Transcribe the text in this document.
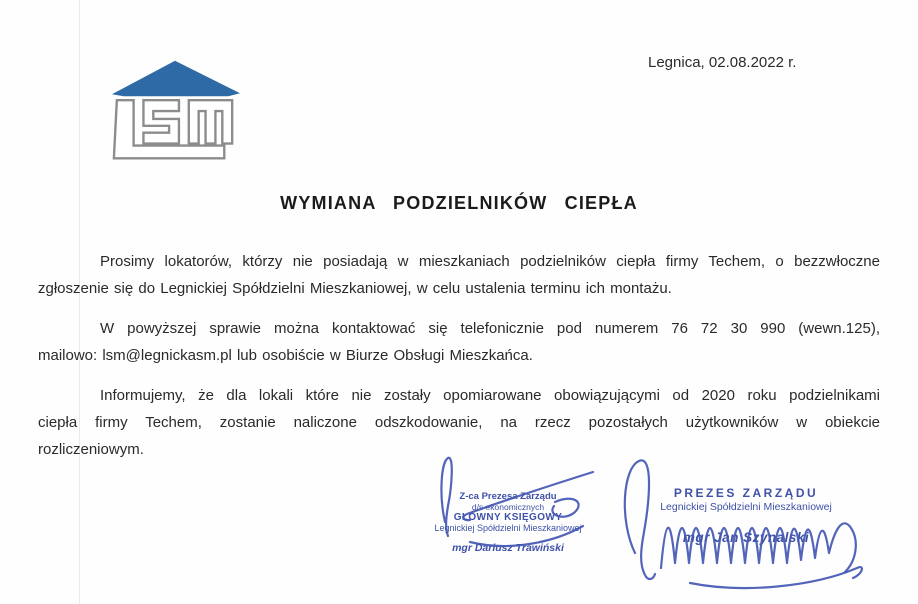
Legnica, 02.08.2022 r.
WYMIANA PODZIELNIKÓW CIEPŁA
Prosimy lokatorów, którzy nie posiadają w mieszkaniach podzielników ciepła firmy Techem, o bezzwłoczne
zgłoszenie się do Legnickiej Spółdzielni Mieszkaniowej, w celu ustalenia terminu ich montażu.
W powyższej sprawie można kontaktować się telefonicznie pod numerem 76 72 30 990 (wewn.125),
mailowo: lsm@legnickasm.pl lub osobiście w Biurze Obsługi Mieszkańca.
Informujemy, że dla lokali które nie zostały opomiarowane obowiązującymi od 2020 roku podzielnikami
ciepła firmy Techem, zostanie naliczone odszkodowanie, na rzecz pozostałych użytkowników w obiekcie
rozliczeniowym.
Z-ca Prezesa Zarządu
d/s ekonomicznych
GŁÓWNY KSIĘGOWY
Legnickiej Spółdzielni Mieszkaniowej
mgr Dariusz Trawiński
PREZES ZARZĄDU
Legnickiej Spółdzielni Mieszkaniowej
mgr Jan Szynalski
